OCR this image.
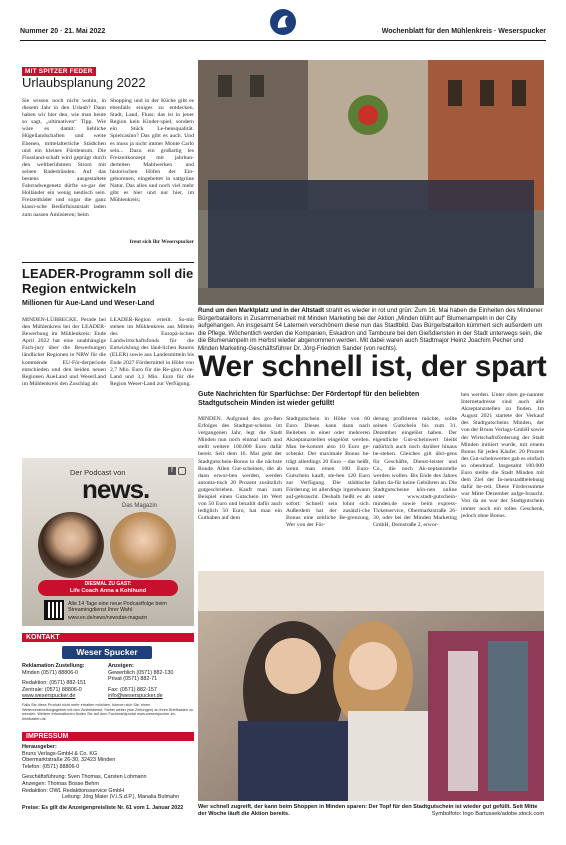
Nummer 20 · 21. Mai 2022	Wochenblatt für den Mühlenkreis · Weserspucker
MIT SPITZER FEDER
Urlaubsplanung 2022
Sie wissen noch nicht wohin, in diesem Jahr in den Urlaub? Dann haben wir hier den, wie man heute so sagt, „ultimativen“ Tipp. Wie wäre es damit: liebliche Hügellandschaften und weite Ebenen, mittelalterliche Städtchen und ein kleines Fürstentum. Die Flussland-schaft wird geprägt durch den weltberühmten Strom mit seinen Badestränden. Auf das bestens ausgestaltete Fahrradwegenetz dürfte so-gar der Holländer ein wenig neidisch sein. Freizeitbäder und sogar die ganz klassi-sche Bedürfnisanstalt laden zum nassen Amüsieren; beim
Shopping und in der Küche gibt es ebenfalls einiges zu entdecken. Stadt, Land, Fluss: das ist in jener Region kein Kinder-spiel, sondern ein Stück Le-bensqualität. Spielcasino? Das gibt es auch. Und es muss ja nicht immer Monte Carlo sein... Dazu ein großartig les Freizeitkonzept mit jahrhun-derteiten Mahlwerken und historischen Höfen der Ein-geborenen, eingebettet in sattgrüne Natur. Das alles und noch viel mehr gibt es hier und nur hier, im Mühlenkreis;
freut sich Ihr Weserspucker
LEADER-Programm soll die Region entwickeln
Millionen für Aue-Land und Weser-Land
MINDEN-LÜBBECKE. Perade bei den Mühlenkreis bei der LEADER-Bewerbung im Mühlenkreis: Ende April 2022 hat eine unabhängige Fach-jury über die Bewerbungen ländlicher Regionen in NRW für die kommende EU-För-derperiode entschieden und den beiden neuen Regionen AueLand und WeserLand im Mühlenkreis den Zuschlag als
LEADER-Region erteilt. So-mit stehen im Mühlenkreis aus Mitteln des Europä-ischen Landwirtschaftsfonds für die Entwicklung des länd-lichen Raums (ELER) sowie aus Landesmitteln bis Ende 2027 Fördermittel in Höhe von 2,7 Mio. Euro für die Re-gion Aue-Land und 3,1 Mio. Euro für die Region Weser-Land zur Verfügung.
Der Podcast von	f
news.
Das Magazin
DIESMAL ZU GAST:
Life Coach Anna a Kohlhund
Alle 14 Tage eine neue Podcastfolge beim Streamingdienst Ihrer Wahl
www.en.de/news/newsdas-magazin
KONTAKT
Weser Spucker
Reklamation Zustellung:
Minden (0571) 88806-0
Redaktion: (0571) 882-151
Zentrale: (0571) 88806-0
www.weserspucker.de
Anzeigen:
Gewerblich (0571) 882-130
Privat (0571) 882-71
Fax: (0571) 882-157
info@weserspucker.de
Falls Sie diese Produkt nicht mehr erhalten möchten, können sich Sie, einen Weiterverarbeitungsgebiet mit den Zustelldienst, Siebei weiter (wie Zeitungen) an ihren Briefkasten zu wenden. Weitere Informationen finden Sie auf dem Fachmarktportal www.weserspucker-im-briefkasten.de.
IMPRESSUM
Herausgeber:
Bruns Verlags-GmbH & Co. KG
Obermarktstraße 26-30, 32423 Minden
Telefon: (0571) 88806-0
Geschäftsführung: Sven Thomas, Carsten Lohmann
Anzeigen: Thomas Bosse Behm
Redaktion: OWL Redaktionsservice GmbH
Leitung: Jörg Maier (V.i.S.d.P.), Manalia Bulmahn
Preise: Es gilt die Anzeigenpreisliste Nr. 61 vom 1. Januar 2022
Rund um den Marktplatz und in der Altstadt strahlt es wieder in rot und grün: Zum 16. Mai haben die Einheiten des Mindener Bürgerbataillons in Zusammenarbeit mit Minden Marketing bei der Aktion „Minden blüht auf“ Blumenampeln in der City aufgehangen. An insgesamt 54 Laternen verschönern diese nun das Stadtbild. Das Bürgerbataillon kümmert sich außerdem um die Pflege. Wöchentlich werden die Kompanien, Eskadron und Tamboure bei den Gießdiensten in der Stadt unterwegs sein, die die Blumenampeln im Herbst wieder abgenommen werden. Mit dabei waren auch Stadtmajor Heinz Joachim Pecher und Minden Marketing-Geschäftsführer Dr. Jörg-Friedrich Sander (von rechts).
Wer schnell ist, der spart
Gute Nachrichten für Sparfüchse: Der Fördertopf für den beliebten Stadtgutschein Minden ist wieder gefüllt!
MINDEN. Aufgrund des gro-ßen Erfolges des Stadtgut-scheins im vergangenen Jahr, legt die Stadt Minden nun noch einmal nach und stellt weitere 100.000 Euro dafür bereit. Seit dem 16. Mai geht der Stadtgutschein-Bonus in die nächste Runde. Allen Gut-scheinen, die ab dann erwor-ben werden, werden automa-tisch 20 Prozent zusätzlich gutgeschrieben. Kauft man zum Beispiel einen Gutschein im Wert von 50 Euro und bezahlt dafür auch lediglich 50 Euro, hat man ein Guthaben auf dem
Stadtgutschein in Höhe von 60 Euro. Dieses kann dann nach Belieben in einer oder mehreren Akzeptanzstellen eingelöst werden. Man be-kommt also 10 Euro ge-schenkt. Der maximale Bonus be-trägt allerdings 20 Euro – das heißt, wenn man einen 100 Euro-Gutschein kauft, ste-hen 120 Euro zur Verfügung. Die städtische Förderung ist allerdings irgendwann auf-gebraucht. Deshalb heißt es ab sofort: Schnell sein lohnt sich. Außerdem hat der zusätzli-che Bonus eine zeitliche Be-grenzung. Wer von der För-
derung profitieren möchte, sollte seinen Gutschein bis zum 31. Dezember eingelöst haben. Der eigentliche Gut-scheinwert bleibt natürlich auch noch darüber hinaus be-stehen. Gleiches gilt übri-gens für Geschäfte, Dienst-leister und Co., die noch Ak-zeptanzstelle werden wollen. Bis Ende des Jahres fallen da-für keine Gebühren an. Die Stadtgutscheine kön-nen online unter www.stadt-gutschein-minden.de sowie beim express-Ticketservice, Obermarktstraße 26-30, oder bei der Minden Marketing GmbH, Domstraße 2, erwor-
ben werden. Unter oben ge-nannter Internetadresse sind auch alle Akzeptanzstellen zu finden. Im August 2021 startete der Verkauf des Stadtgutscheins Minden, der von der Bruns Verlags-GmbH sowie der Wirtschaftsförderung der Stadt Minden initiiert wurde, mit einem Bonus für jeden Käufer. 20 Prozent des Gut-scheinwertes gab es einfach so obendrauf. Insgesamt 100.000 Euro stellte die Stadt Minden mit dem Ziel der In-nenstadtbelebung dafür be-reit. Diese Fördersumme war Mitte Dezember aufge-braucht. Von da an war der Stadtgutschein immer noch ein tolles Geschenk, jedoch ohne Bonus.
Wer schnell zugreift, der kann beim Shoppen in Minden sparen: Der Topf für den Stadtgutschein ist wieder gut gefüllt. Seit Mitte der Woche läuft die Aktion bereits.	Symbolfoto: Ingo Bartussek/adobe.stock.com
